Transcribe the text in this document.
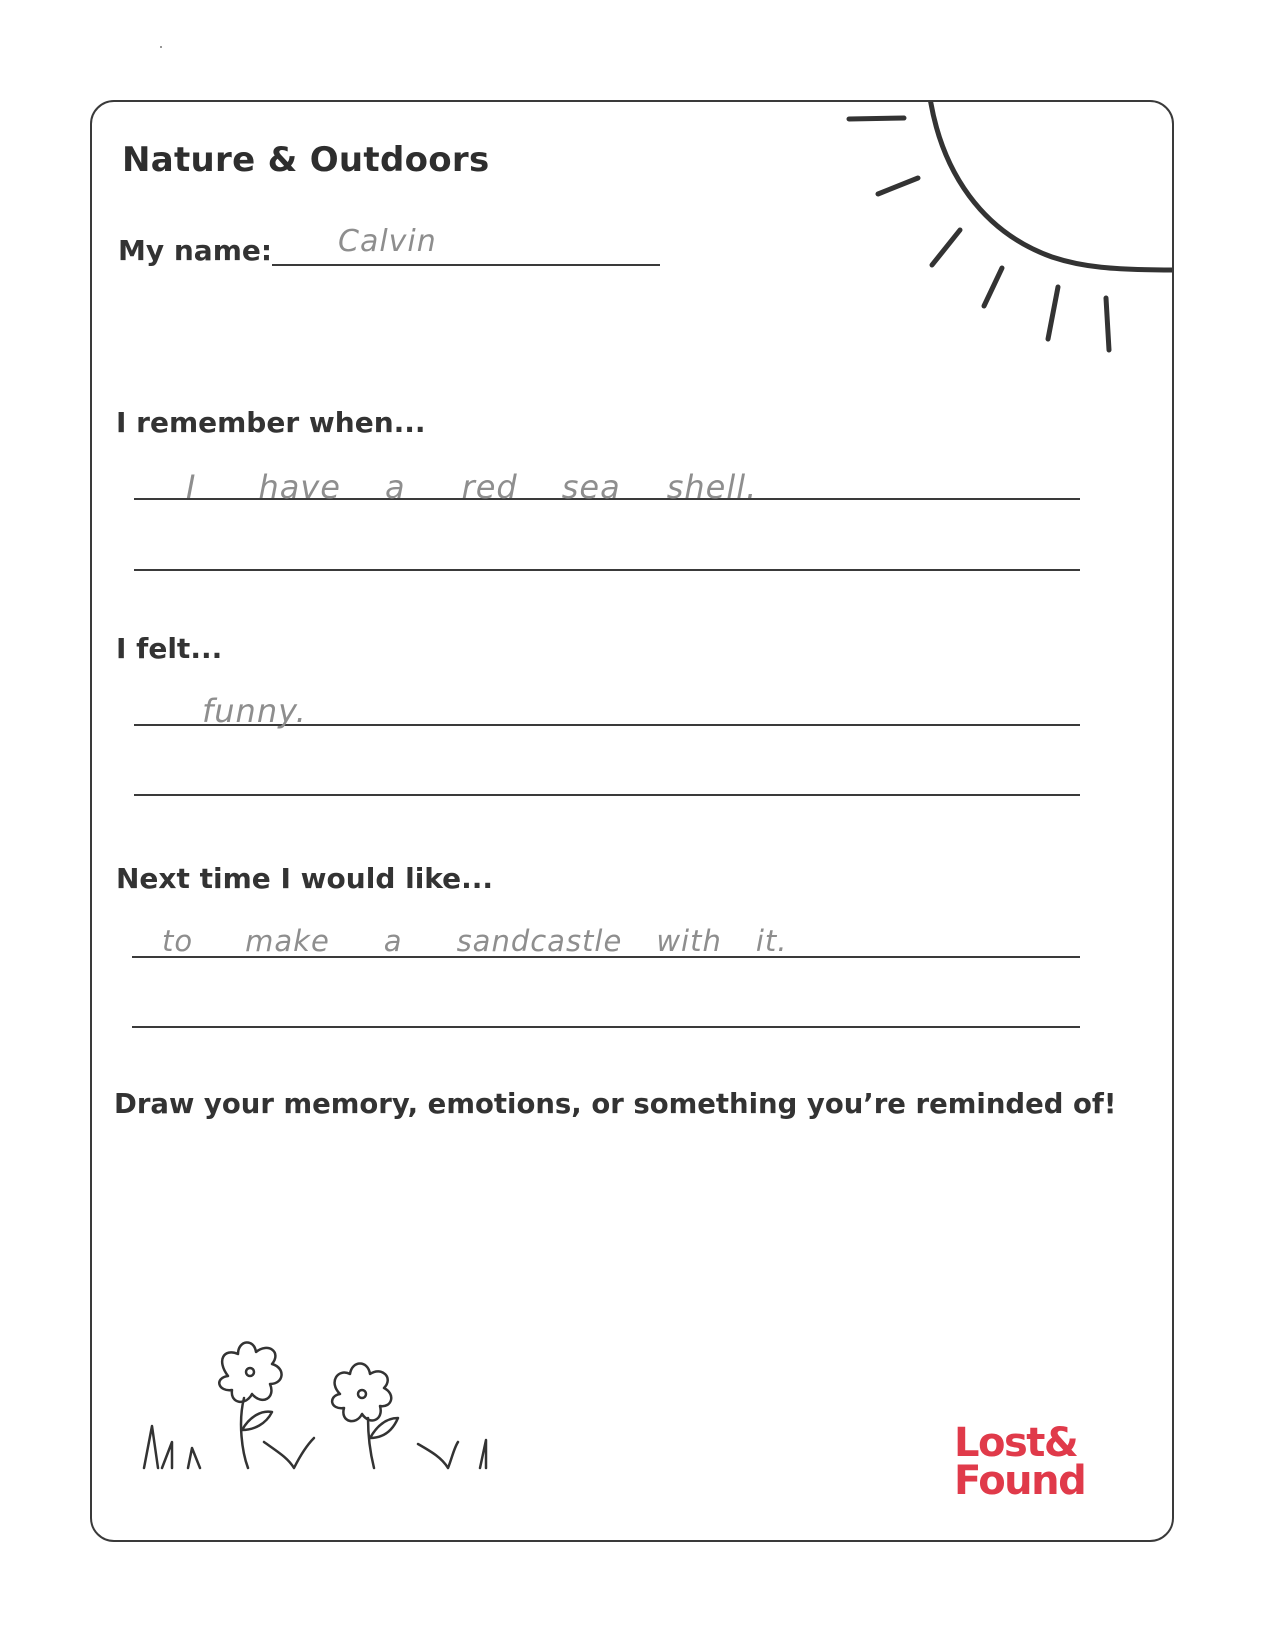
Nature & Outdoors
My name: Calvin
I remember when...
I have a red sea shell.
I felt...
funny.
Next time I would like...
to make a sandcastle with it.
Draw your memory, emotions, or something you’re reminded of!
Lost&
Found
